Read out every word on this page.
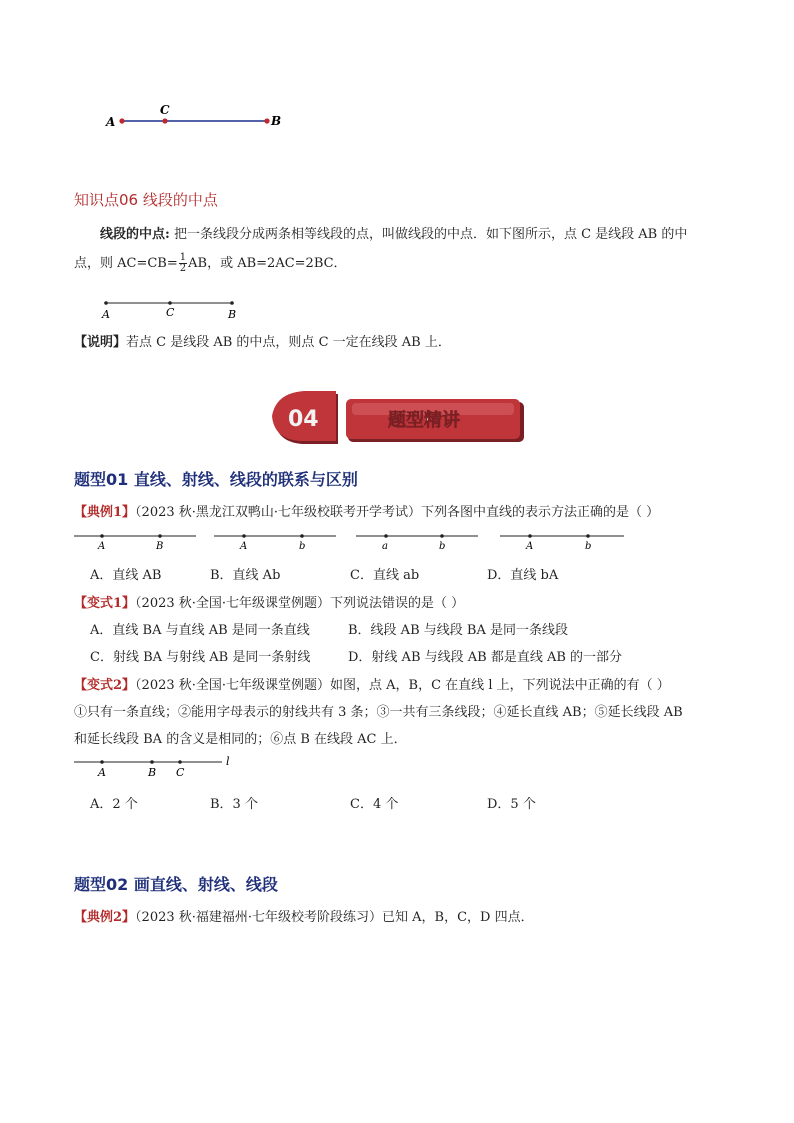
A
C
B
知识点06 线段的中点
线段的中点: 把一条线段分成两条相等线段的点，叫做线段的中点．如下图所示，点 C 是线段 AB 的中
点，则 $AC=CB= \frac{1}{2}$ AB，或 AB=2AC=2BC．
A	C	B
【说明】若点 C 是线段 AB 的中点，则点 C 一定在线段 AB 上．
04	题型精讲
题型01 直线、射线、线段的联系与区别
【典例1】（2023 秋·黑龙江双鸭山·七年级校联考开学考试）下列各图中直线的表示方法正确的是（ ）
A	B	A	b	a	b	A	b
A．直线 AB	B．直线 Ab	C．直线 ab	D．直线 bA
【变式1】（2023 秋·全国·七年级课堂例题）下列说法错误的是（ ）
A．直线 BA 与直线 AB 是同一条直线	B．线段 AB 与线段 BA 是同一条线段
C．射线 BA 与射线 AB 是同一条射线	D．射线 AB 与线段 AB 都是直线 AB 的一部分
【变式2】（2023 秋·全国·七年级课堂例题）如图，点 A，B，C 在直线 l 上，下列说法中正确的有（ ）
①只有一条直线；②能用字母表示的射线共有 3 条；③一共有三条线段；④延长直线 AB；⑤延长线段 AB
和延长线段 BA 的含义是相同的；⑥点 B 在线段 AC 上．
A	B C
l
A．2 个	B．3 个	C．4 个	D．5 个
题型02 画直线、射线、线段
【典例2】（2023 秋·福建福州·七年级校考阶段练习）已知 A，B，C，D 四点．
